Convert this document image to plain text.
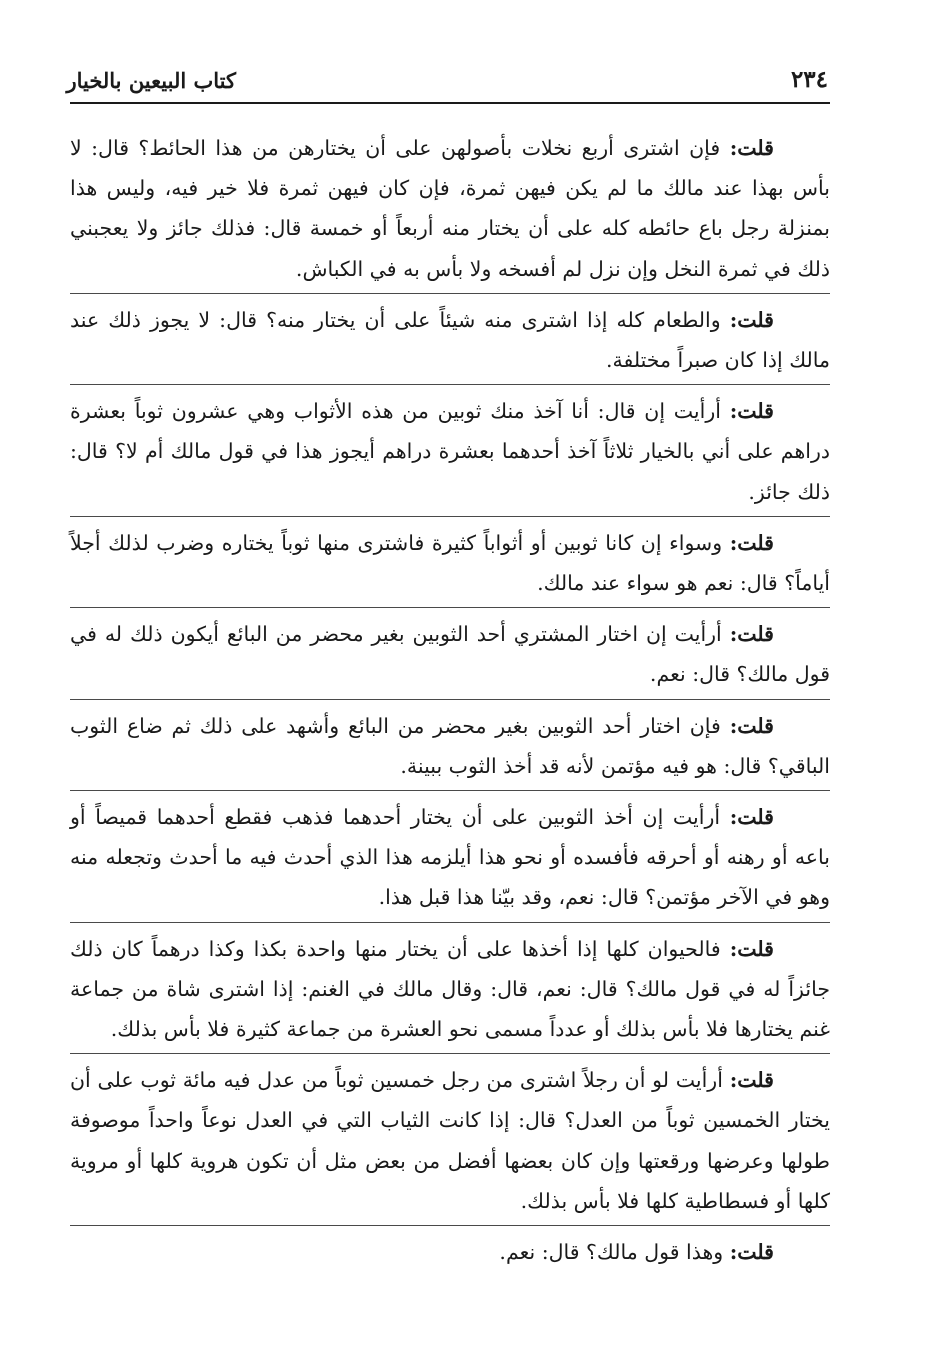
كتاب البيعين بالخيار	٢٣٤

قلت: فإن اشترى أربع نخلات بأصولهن على أن يختارهن من هذا الحائط؟ قال: لا بأس بهذا عند مالك ما لم يكن فيهن ثمرة، فإن كان فيهن ثمرة فلا خير فيه، وليس هذا بمنزلة رجل باع حائطه كله على أن يختار منه أربعاً أو خمسة قال: فذلك جائز ولا يعجبني ذلك في ثمرة النخل وإن نزل لم أفسخه ولا بأس به في الكباش.

قلت: والطعام كله إذا اشترى منه شيئاً على أن يختار منه؟ قال: لا يجوز ذلك عند مالك إذا كان صبراً مختلفة.

قلت: أرأيت إن قال: أنا آخذ منك ثوبين من هذه الأثواب وهي عشرون ثوباً بعشرة دراهم على أني بالخيار ثلاثاً آخذ أحدهما بعشرة دراهم أيجوز هذا في قول مالك أم لا؟ قال: ذلك جائز.

قلت: وسواء إن كانا ثوبين أو أثواباً كثيرة فاشترى منها ثوباً يختاره وضرب لذلك أجلاً أياماً؟ قال: نعم هو سواء عند مالك.

قلت: أرأيت إن اختار المشتري أحد الثوبين بغير محضر من البائع أيكون ذلك له في قول مالك؟ قال: نعم.

قلت: فإن اختار أحد الثوبين بغير محضر من البائع وأشهد على ذلك ثم ضاع الثوب الباقي؟ قال: هو فيه مؤتمن لأنه قد أخذ الثوب ببينة.

قلت: أرأيت إن أخذ الثوبين على أن يختار أحدهما فذهب فقطع أحدهما قميصاً أو باعه أو رهنه أو أحرقه فأفسده أو نحو هذا أيلزمه هذا الذي أحدث فيه ما أحدث وتجعله منه وهو في الآخر مؤتمن؟ قال: نعم، وقد بيّنا هذا قبل هذا.

قلت: فالحيوان كلها إذا أخذها على أن يختار منها واحدة بكذا وكذا درهماً كان ذلك جائزاً له في قول مالك؟ قال: نعم، قال: وقال مالك في الغنم: إذا اشترى شاة من جماعة غنم يختارها فلا بأس بذلك أو عدداً مسمى نحو العشرة من جماعة كثيرة فلا بأس بذلك.

قلت: أرأيت لو أن رجلاً اشترى من رجل خمسين ثوباً من عدل فيه مائة ثوب على أن يختار الخمسين ثوباً من العدل؟ قال: إذا كانت الثياب التي في العدل نوعاً واحداً موصوفة طولها وعرضها ورقعتها وإن كان بعضها أفضل من بعض مثل أن تكون هروية كلها أو مروية كلها أو فسطاطية كلها فلا بأس بذلك.

قلت: وهذا قول مالك؟ قال: نعم.
